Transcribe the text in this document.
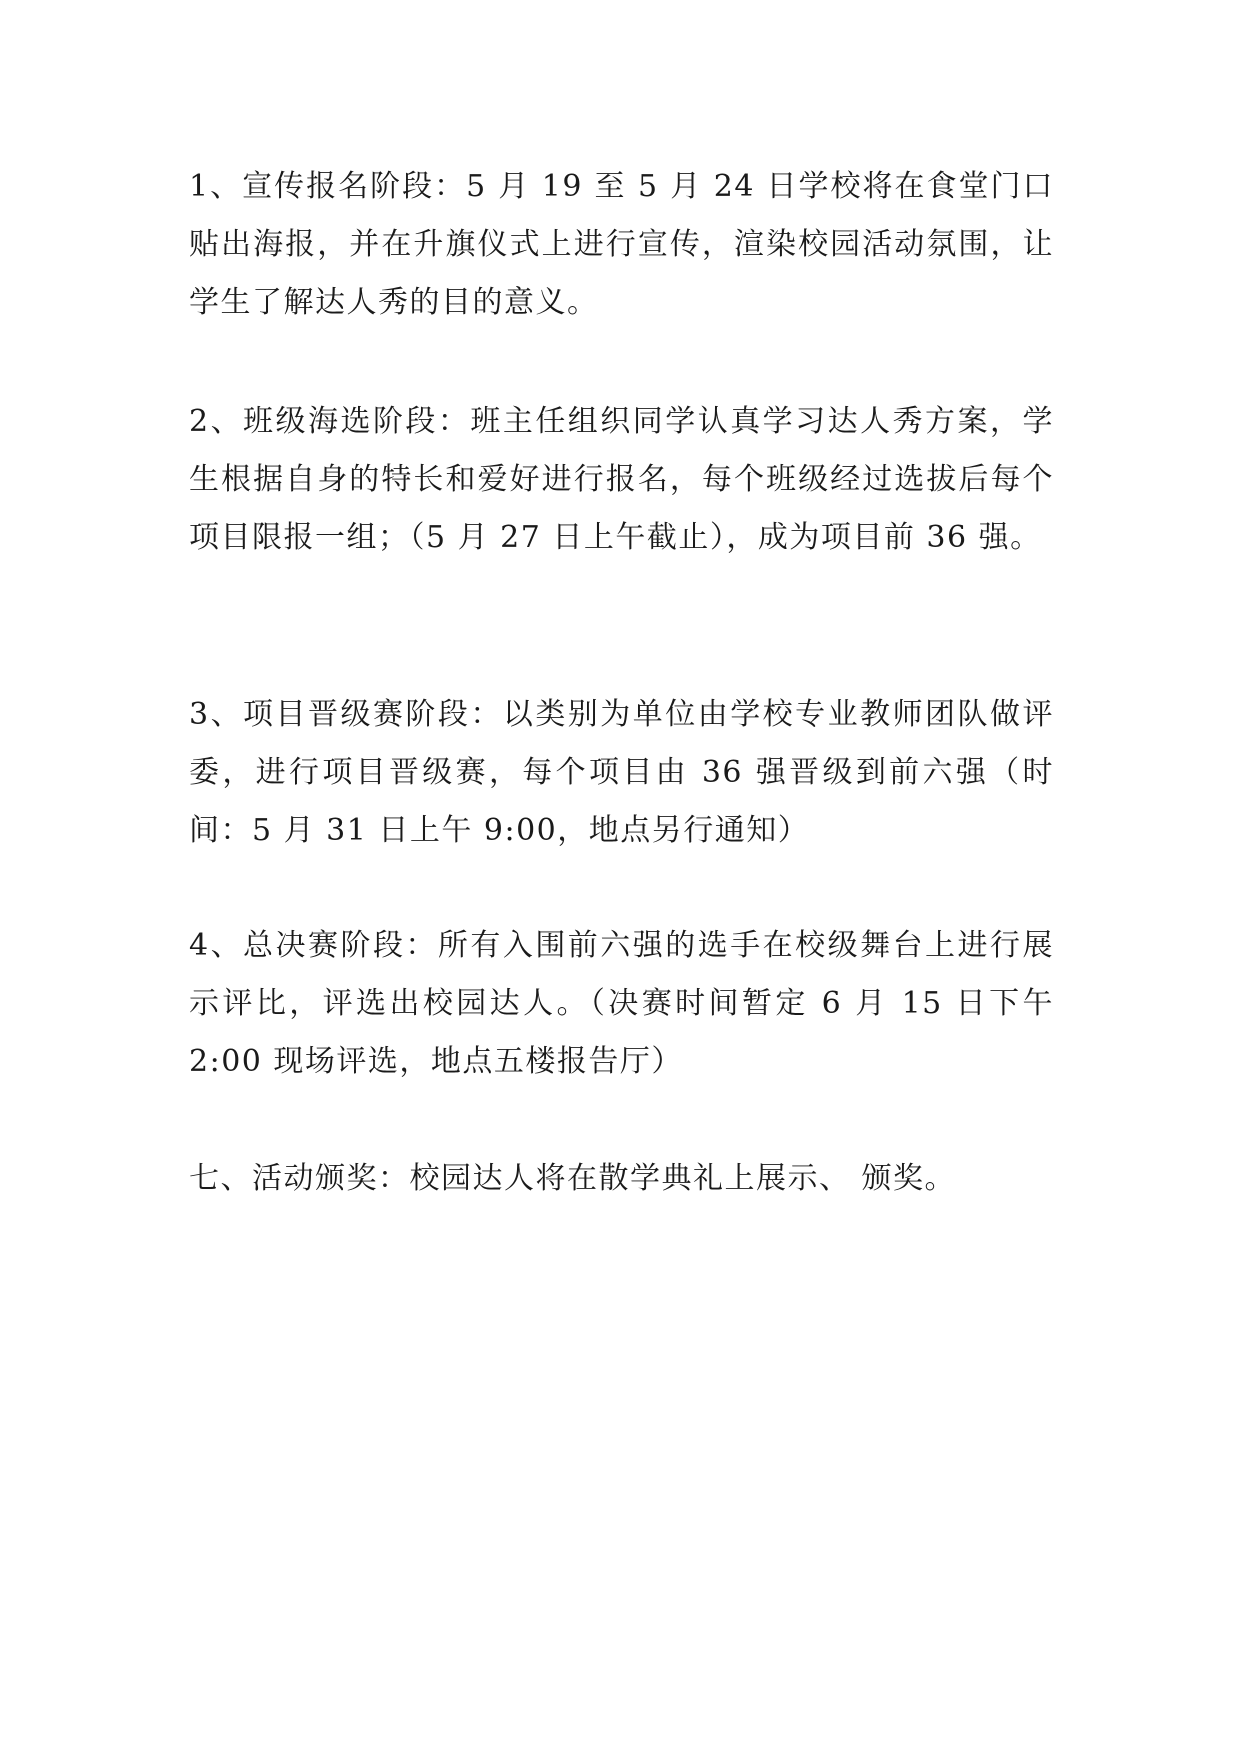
1、宣传报名阶段：5 月 19 至 5 月 24 日学校将在食堂门口贴出海报，并在升旗仪式上进行宣传，渲染校园活动氛围，让学生了解达人秀的目的意义。

2、班级海选阶段：班主任组织同学认真学习达人秀方案，学生根据自身的特长和爱好进行报名，每个班级经过选拔后每个项目限报一组；（5 月 27 日上午截止），成为项目前 36 强。

3、项目晋级赛阶段：以类别为单位由学校专业教师团队做评委，进行项目晋级赛，每个项目由 36 强晋级到前六强（时间：5 月 31 日上午 9:00，地点另行通知）

4、总决赛阶段：所有入围前六强的选手在校级舞台上进行展示评比，评选出校园达人。（决赛时间暂定 6 月 15 日下午 2:00 现场评选，地点五楼报告厅）

七、活动颁奖：校园达人将在散学典礼上展示、 颁奖。
